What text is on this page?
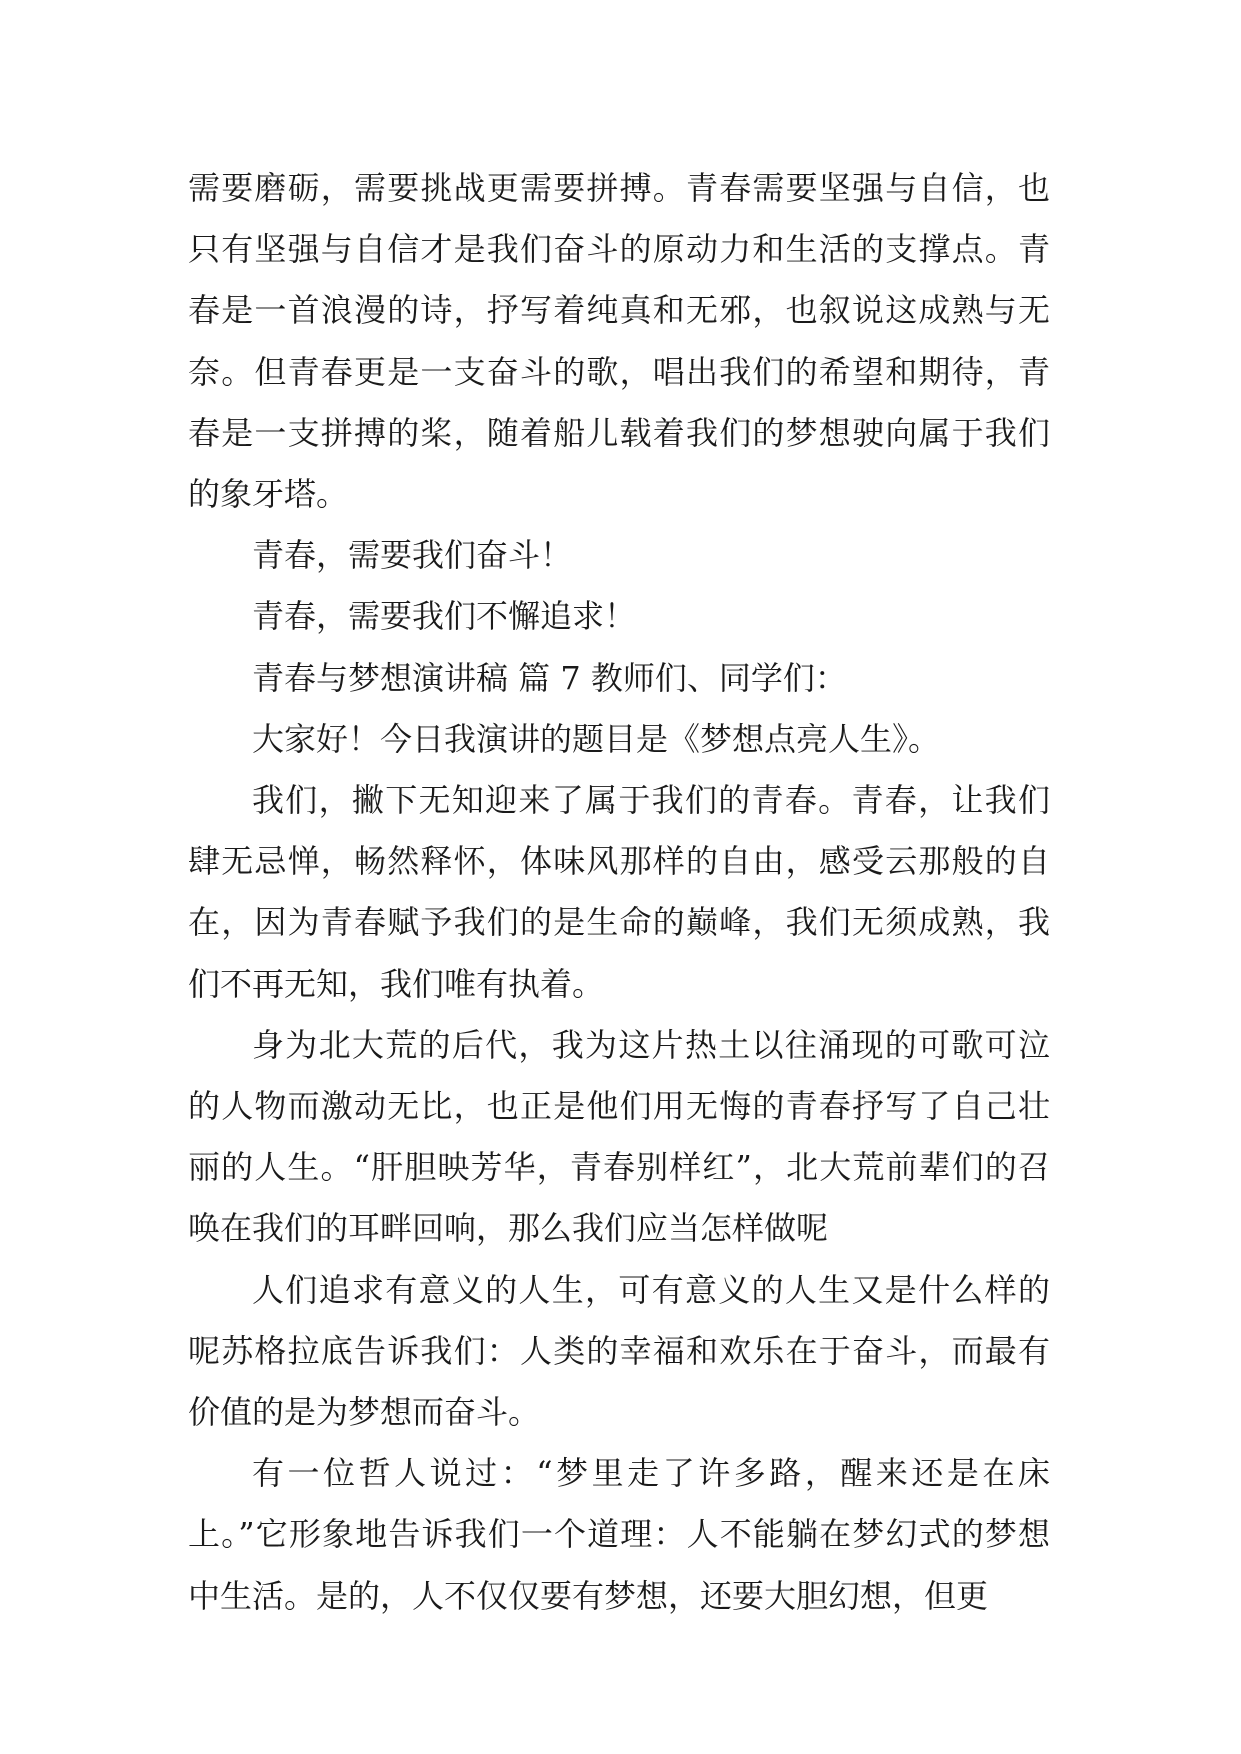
需要磨砺，需要挑战更需要拼搏。青春需要坚强与自信，也只有坚强与自信才是我们奋斗的原动力和生活的支撑点。青春是一首浪漫的诗，抒写着纯真和无邪，也叙说这成熟与无奈。但青春更是一支奋斗的歌，唱出我们的希望和期待，青春是一支拼搏的桨，随着船儿载着我们的梦想驶向属于我们的象牙塔。

青春，需要我们奋斗！

青春，需要我们不懈追求！

青春与梦想演讲稿 篇 7 教师们、同学们：

大家好！今日我演讲的题目是《梦想点亮人生》。

我们，撇下无知迎来了属于我们的青春。青春，让我们肆无忌惮，畅然释怀，体味风那样的自由，感受云那般的自在，因为青春赋予我们的是生命的巅峰，我们无须成熟，我们不再无知，我们唯有执着。

身为北大荒的后代，我为这片热土以往涌现的可歌可泣的人物而激动无比，也正是他们用无悔的青春抒写了自己壮丽的人生。“肝胆映芳华，青春别样红”，北大荒前辈们的召唤在我们的耳畔回响，那么我们应当怎样做呢

人们追求有意义的人生，可有意义的人生又是什么样的呢苏格拉底告诉我们：人类的幸福和欢乐在于奋斗，而最有价值的是为梦想而奋斗。

有一位哲人说过：“梦里走了许多路，醒来还是在床上。”它形象地告诉我们一个道理：人不能躺在梦幻式的梦想中生活。是的，人不仅仅要有梦想，还要大胆幻想，但更
